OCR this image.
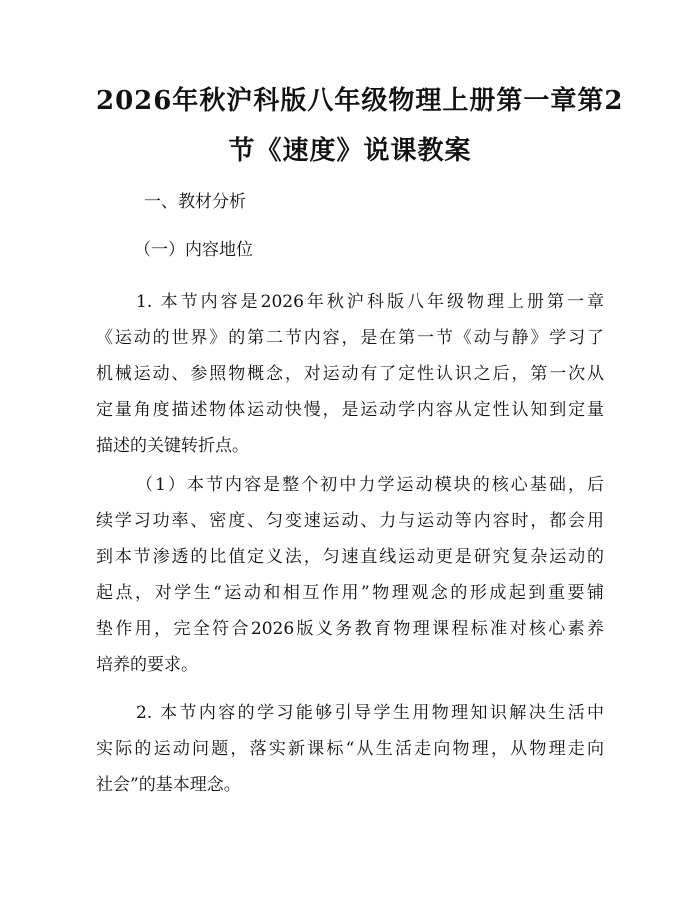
2026年秋沪科版八年级物理上册第一章第2
节《速度》说课教案
一、教材分析
（一）内容地位
1. 本节内容是2026年秋沪科版八年级物理上册第一章
《运动的世界》的第二节内容，是在第一节《动与静》学习了
机械运动、参照物概念，对运动有了定性认识之后，第一次从
定量角度描述物体运动快慢，是运动学内容从定性认知到定量
描述的关键转折点。
（1）本节内容是整个初中力学运动模块的核心基础，后
续学习功率、密度、匀变速运动、力与运动等内容时，都会用
到本节渗透的比值定义法，匀速直线运动更是研究复杂运动的
起点，对学生“运动和相互作用”物理观念的形成起到重要铺
垫作用，完全符合2026版义务教育物理课程标准对核心素养
培养的要求。
2. 本节内容的学习能够引导学生用物理知识解决生活中
实际的运动问题，落实新课标“从生活走向物理，从物理走向
社会”的基本理念。
